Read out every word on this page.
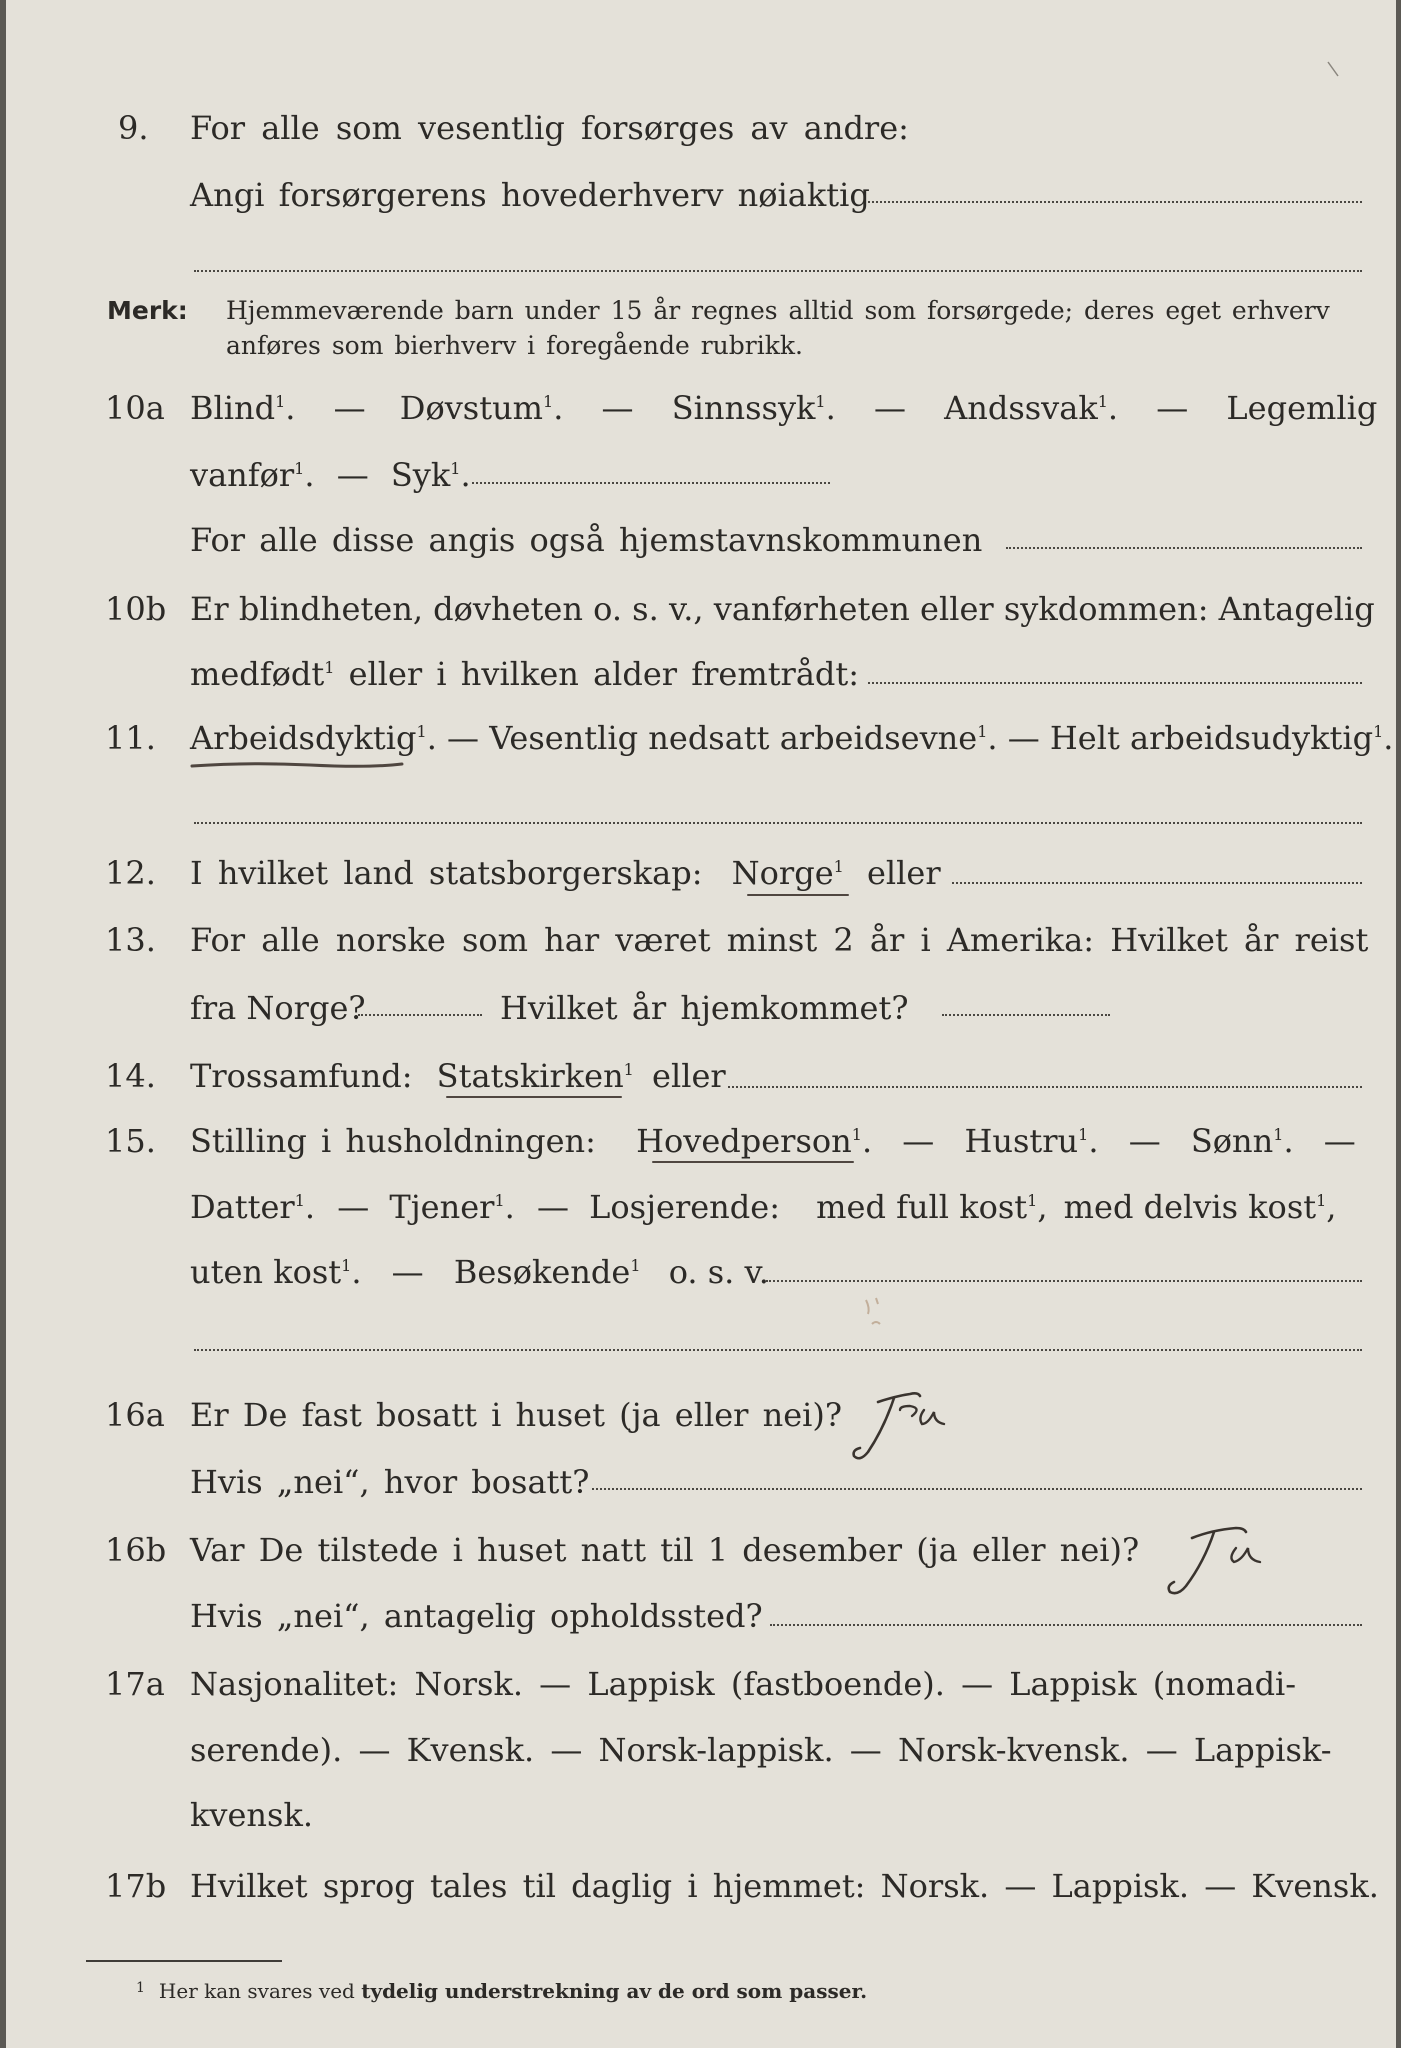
9. For alle som vesentlig forsørges av andre:
Angi forsørgerens hovederhverv nøiaktig
Merk: Hjemmeværende barn under 15 år regnes alltid som forsørgede; deres eget erhverv
anføres som bierhverv i foregående rubrikk.
10a Blind$^1$. — Døvstum$^1$. — Sinnssyk$^1$. — Andssvak$^1$. — Legemlig
vanfør$^1$. — Syk$^1$.
For alle disse angis også hjemstavnskommunen
10b Er blindheten, døvheten o. s. v., vanførheten eller sykdommen: Antagelig
medfødt$^1$ eller i hvilken alder fremtrådt:
11. Arbeidsdyktig$^1$. — Vesentlig nedsatt arbeidsevne$^1$. — Helt arbeidsudyktig$^1$.
12. I hvilket land statsborgerskap: Norge$^1$ eller
13. For alle norske som har været minst 2 år i Amerika: Hvilket år reist
fra Norge?	Hvilket år hjemkommet?
14. Trossamfund: Statskirken$^1$ eller
15. Stilling i husholdningen: Hovedperson$^1$. — Hustru$^1$. — Sønn$^1$. —
Datter$^1$. — Tjener$^1$. — Losjerende: med full kost$^1$, med delvis kost$^1$,
uten kost$^1$. — Besøkende$^1$ o. s. v.
16a Er De fast bosatt i huset (ja eller nei)?
Hvis „nei“, hvor bosatt?
16b Var De tilstede i huset natt til 1 desember (ja eller nei)?
Hvis „nei“, antagelig opholdssted?
17a Nasjonalitet: Norsk. — Lappisk (fastboende). — Lappisk (nomadi-
serende). — Kvensk. — Norsk-lappisk. — Norsk-kvensk. — Lappisk-
kvensk.
17b Hvilket sprog tales til daglig i hjemmet: Norsk. — Lappisk. — Kvensk.
$^1$ Her kan svares ved tydelig understrekning av de ord som passer.
